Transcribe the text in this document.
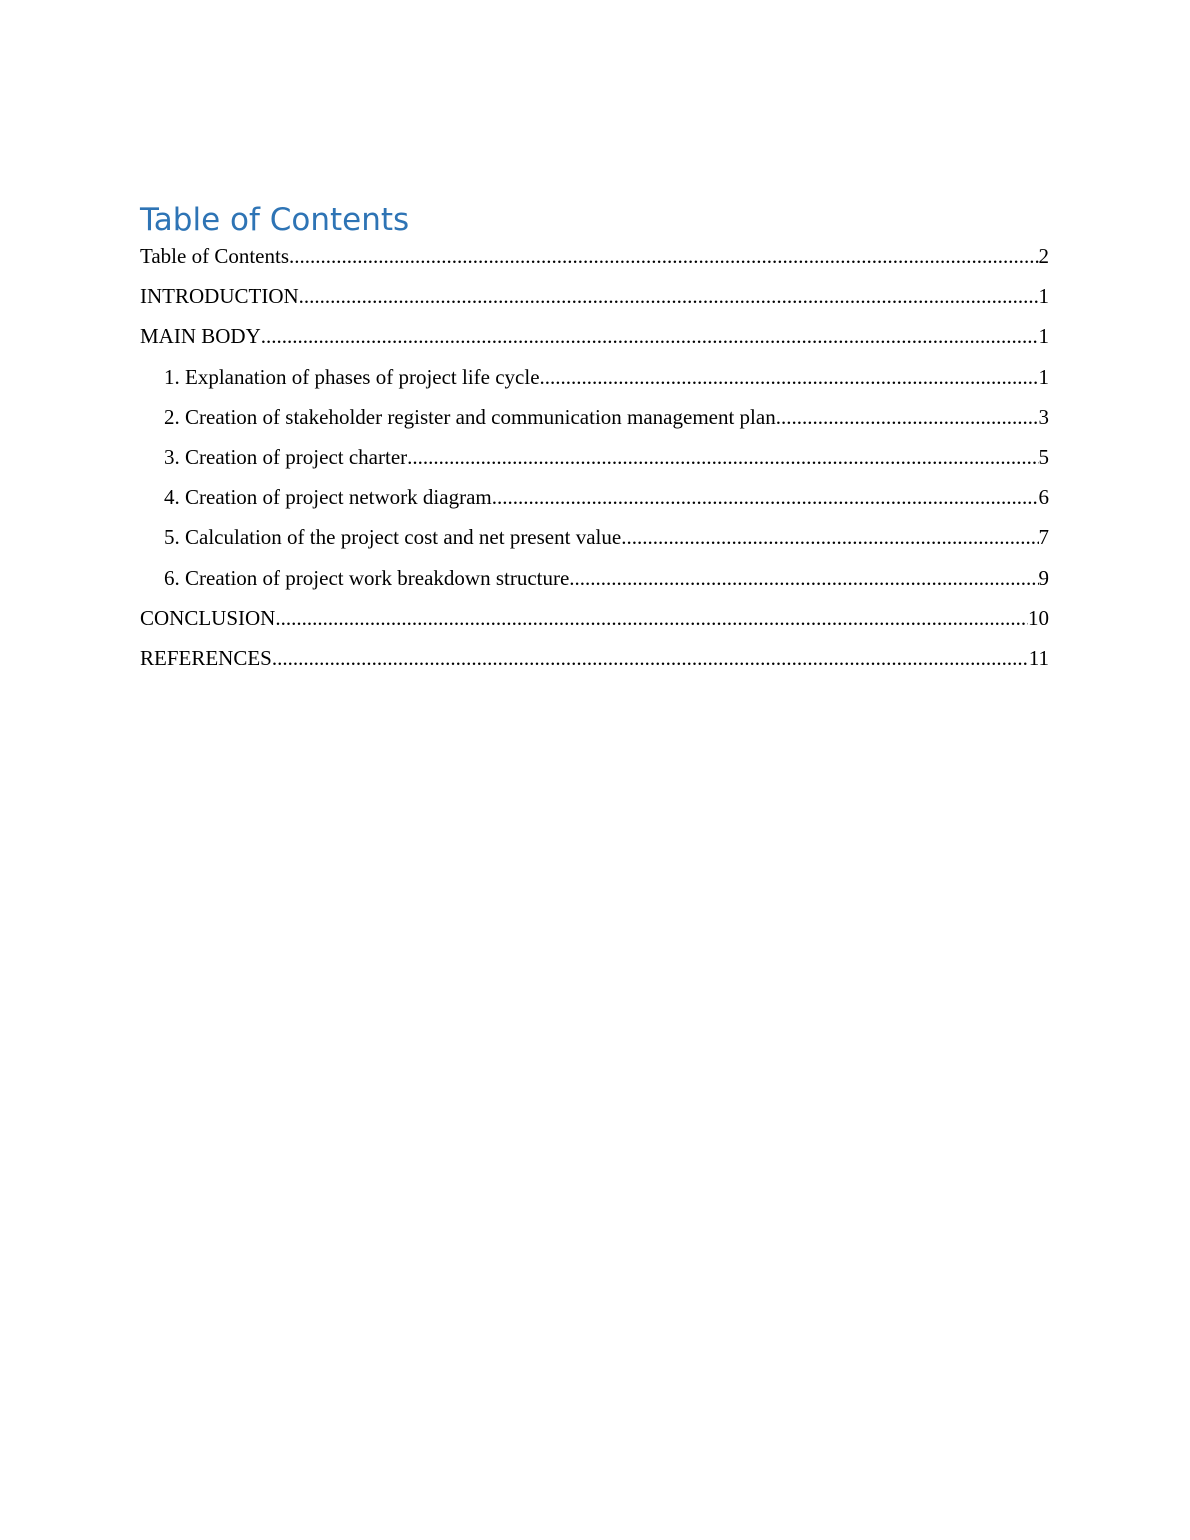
Table of Contents
Table of Contents .....	2
INTRODUCTION .....	1
MAIN BODY .....	1
1. Explanation of phases of project life cycle .....	1
2. Creation of stakeholder register and communication management plan .....	3
3. Creation of project charter .....	5
4. Creation of project network diagram .....	6
5. Calculation of the project cost and net present value .....	7
6. Creation of project work breakdown structure .....	9
CONCLUSION .....	10
REFERENCES .....	11
